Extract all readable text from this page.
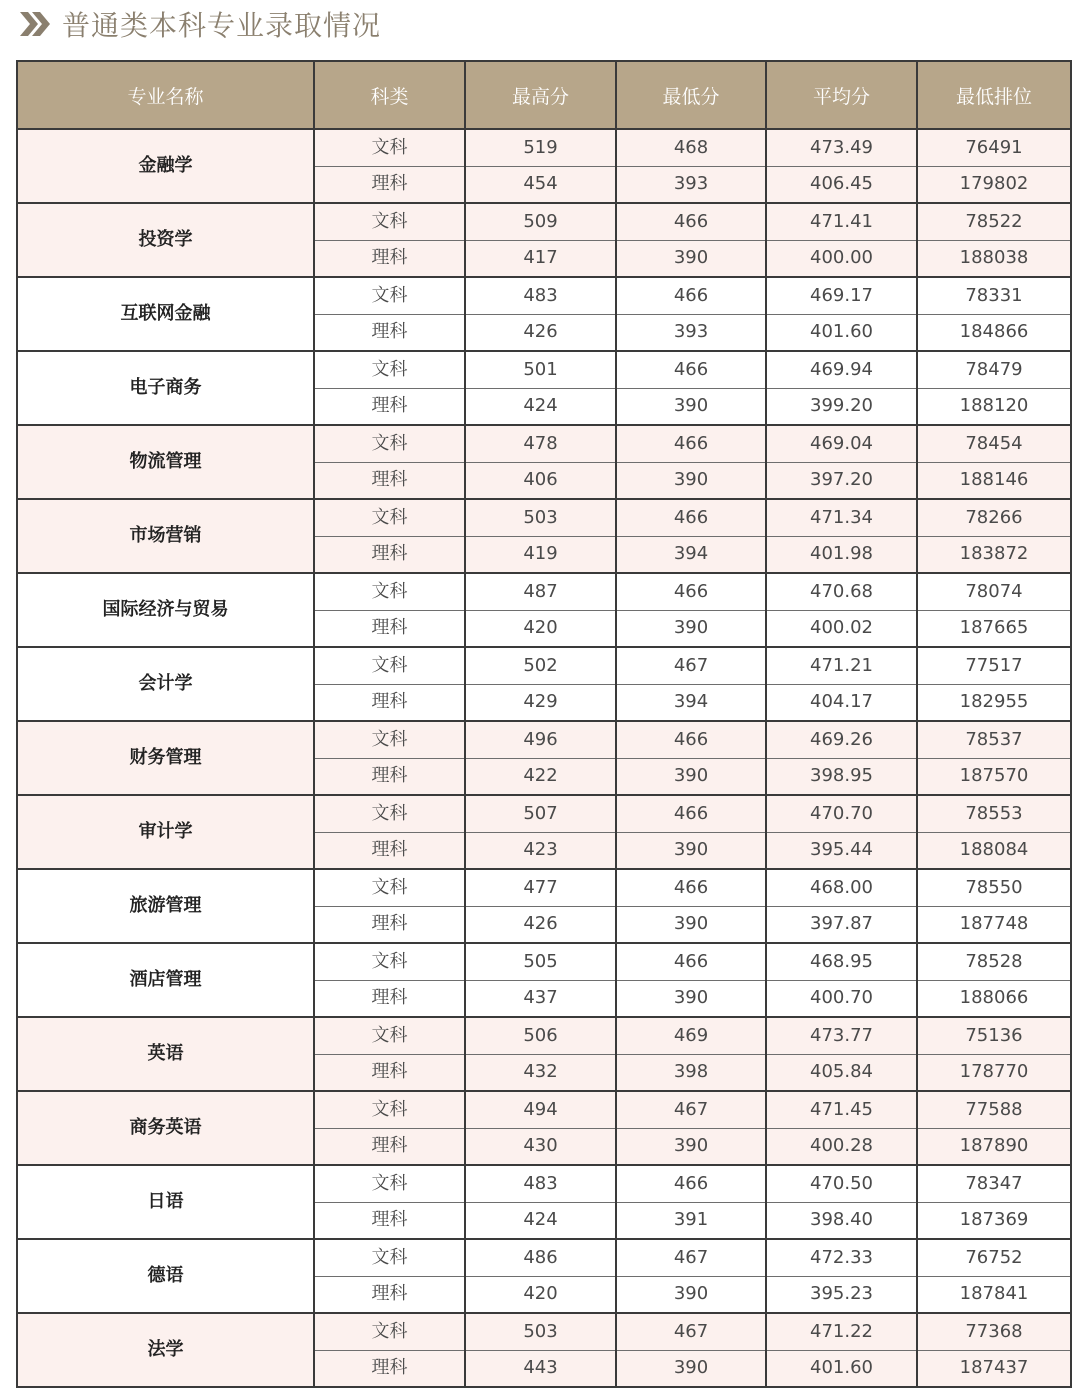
普通类本科专业录取情况
专业名称	科类	最高分	最低分	平均分	最低排位
金融学	文科	519	468	473.49	76491
	理科	454	393	406.45	179802
投资学	文科	509	466	471.41	78522
	理科	417	390	400.00	188038
互联网金融	文科	483	466	469.17	78331
	理科	426	393	401.60	184866
电子商务	文科	501	466	469.94	78479
	理科	424	390	399.20	188120
物流管理	文科	478	466	469.04	78454
	理科	406	390	397.20	188146
市场营销	文科	503	466	471.34	78266
	理科	419	394	401.98	183872
国际经济与贸易	文科	487	466	470.68	78074
	理科	420	390	400.02	187665
会计学	文科	502	467	471.21	77517
	理科	429	394	404.17	182955
财务管理	文科	496	466	469.26	78537
	理科	422	390	398.95	187570
审计学	文科	507	466	470.70	78553
	理科	423	390	395.44	188084
旅游管理	文科	477	466	468.00	78550
	理科	426	390	397.87	187748
酒店管理	文科	505	466	468.95	78528
	理科	437	390	400.70	188066
英语	文科	506	469	473.77	75136
	理科	432	398	405.84	178770
商务英语	文科	494	467	471.45	77588
	理科	430	390	400.28	187890
日语	文科	483	466	470.50	78347
	理科	424	391	398.40	187369
德语	文科	486	467	472.33	76752
	理科	420	390	395.23	187841
法学	文科	503	467	471.22	77368
	理科	443	390	401.60	187437
